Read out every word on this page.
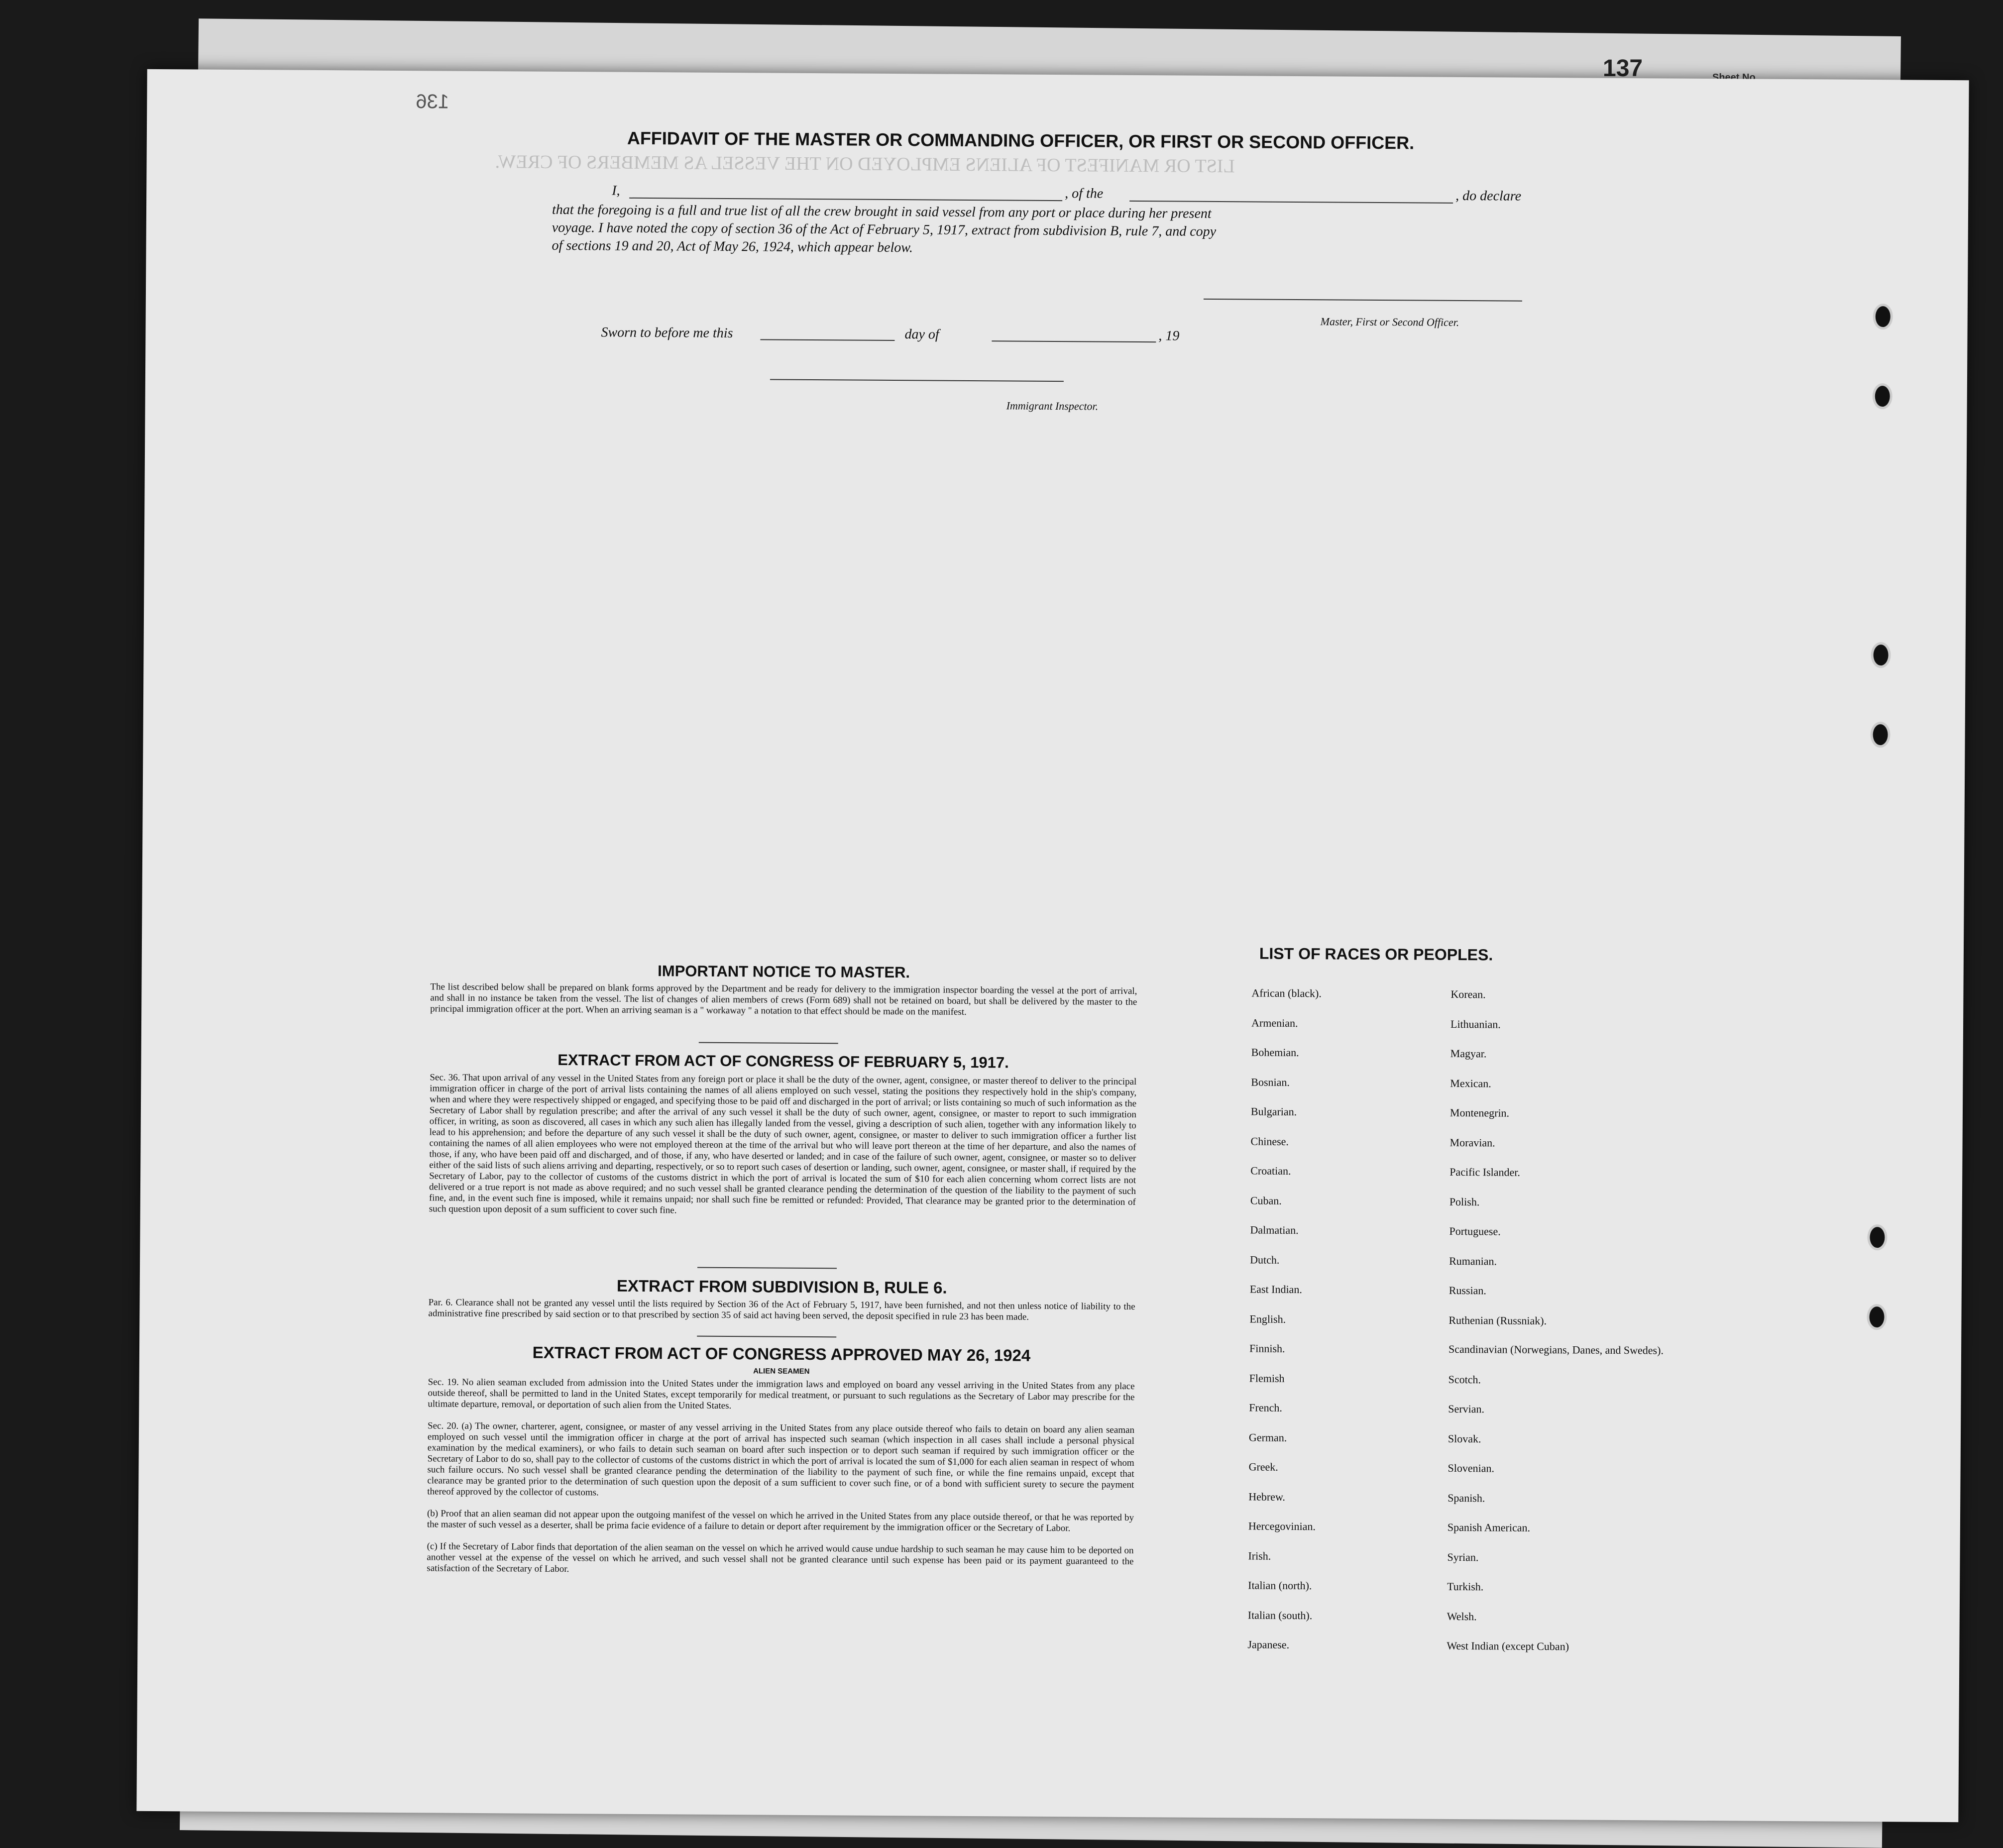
137	Sheet No.
LIST OR MANIFEST OF ALIENS EMPLOYED ON THE VESSEL AS MEMBERS OF CREW.
136
AFFIDAVIT OF THE MASTER OR COMMANDING OFFICER, OR FIRST OR SECOND OFFICER.
I,	, of the	, do declare
that the foregoing is a full and true list of all the crew brought in said vessel from any port or place during her present
voyage. I have noted the copy of section 36 of the Act of February 5, 1917, extract from subdivision B, rule 7, and copy
of sections 19 and 20, Act of May 26, 1924, which appear below.
Master, First or Second Officer.
Sworn to before me this	day of	, 19
Immigrant Inspector.
IMPORTANT NOTICE TO MASTER.
The list described below shall be prepared on blank forms approved by the Department and be ready for delivery to the immigration inspector boarding the vessel at the port of arrival, and shall in no instance be taken from the vessel. The list of changes of alien members of crews (Form 689) shall not be retained on board, but shall be delivered by the master to the principal immigration officer at the port. When an arriving seaman is a " workaway " a notation to that effect should be made on the manifest.
EXTRACT FROM ACT OF CONGRESS OF FEBRUARY 5, 1917.
Sec. 36. That upon arrival of any vessel in the United States from any foreign port or place it shall be the duty of the owner, agent, consignee, or master thereof to deliver to the principal immigration officer in charge of the port of arrival lists containing the names of all aliens employed on such vessel, stating the positions they respectively hold in the ship's company, when and where they were respectively shipped or engaged, and specifying those to be paid off and discharged in the port of arrival; or lists containing so much of such information as the Secretary of Labor shall by regulation prescribe; and after the arrival of any such vessel it shall be the duty of such owner, agent, consignee, or master to report to such immigration officer, in writing, as soon as discovered, all cases in which any such alien has illegally landed from the vessel, giving a description of such alien, together with any information likely to lead to his apprehension; and before the departure of any such vessel it shall be the duty of such owner, agent, consignee, or master to deliver to such immigration officer a further list containing the names of all alien employees who were not employed thereon at the time of the arrival but who will leave port thereon at the time of her departure, and also the names of those, if any, who have been paid off and discharged, and of those, if any, who have deserted or landed; and in case of the failure of such owner, agent, consignee, or master so to deliver either of the said lists of such aliens arriving and departing, respectively, or so to report such cases of desertion or landing, such owner, agent, consignee, or master shall, if required by the Secretary of Labor, pay to the collector of customs of the customs district in which the port of arrival is located the sum of $10 for each alien concerning whom correct lists are not delivered or a true report is not made as above required; and no such vessel shall be granted clearance pending the determination of the question of the liability to the payment of such fine, and, in the event such fine is imposed, while it remains unpaid; nor shall such fine be remitted or refunded: Provided, That clearance may be granted prior to the determination of such question upon deposit of a sum sufficient to cover such fine.
EXTRACT FROM SUBDIVISION B, RULE 6.
Par. 6. Clearance shall not be granted any vessel until the lists required by Section 36 of the Act of February 5, 1917, have been furnished, and not then unless notice of liability to the administrative fine prescribed by said section or to that prescribed by section 35 of said act having been served, the deposit specified in rule 23 has been made.
EXTRACT FROM ACT OF CONGRESS APPROVED MAY 26, 1924
ALIEN SEAMEN
Sec. 19. No alien seaman excluded from admission into the United States under the immigration laws and employed on board any vessel arriving in the United States from any place outside thereof, shall be permitted to land in the United States, except temporarily for medical treatment, or pursuant to such regulations as the Secretary of Labor may prescribe for the ultimate departure, removal, or deportation of such alien from the United States.
Sec. 20. (a) The owner, charterer, agent, consignee, or master of any vessel arriving in the United States from any place outside thereof who fails to detain on board any alien seaman employed on such vessel until the immigration officer in charge at the port of arrival has inspected such seaman (which inspection in all cases shall include a personal physical examination by the medical examiners), or who fails to detain such seaman on board after such inspection or to deport such seaman if required by such immigration officer or the Secretary of Labor to do so, shall pay to the collector of customs of the customs district in which the port of arrival is located the sum of $1,000 for each alien seaman in respect of whom such failure occurs. No such vessel shall be granted clearance pending the determination of the liability to the payment of such fine, or while the fine remains unpaid, except that clearance may be granted prior to the determination of such question upon the deposit of a sum sufficient to cover such fine, or of a bond with sufficient surety to secure the payment thereof approved by the collector of customs.
(b) Proof that an alien seaman did not appear upon the outgoing manifest of the vessel on which he arrived in the United States from any place outside thereof, or that he was reported by the master of such vessel as a deserter, shall be prima facie evidence of a failure to detain or deport after requirement by the immigration officer or the Secretary of Labor.
(c) If the Secretary of Labor finds that deportation of the alien seaman on the vessel on which he arrived would cause undue hardship to such seaman he may cause him to be deported on another vessel at the expense of the vessel on which he arrived, and such vessel shall not be granted clearance until such expense has been paid or its payment guaranteed to the satisfaction of the Secretary of Labor.
LIST OF RACES OR PEOPLES.
African (black).
Armenian.
Bohemian.
Bosnian.
Bulgarian.
Chinese.
Croatian.
Cuban.
Dalmatian.
Dutch.
East Indian.
English.
Finnish.
Flemish
French.
German.
Greek.
Hebrew.
Hercegovinian.
Irish.
Italian (north).
Italian (south).
Japanese.
Korean.
Lithuanian.
Magyar.
Mexican.
Montenegrin.
Moravian.
Pacific Islander.
Polish.
Portuguese.
Rumanian.
Russian.
Ruthenian (Russniak).
Scandinavian (Norwegians, Danes, and Swedes).
Scotch.
Servian.
Slovak.
Slovenian.
Spanish.
Spanish American.
Syrian.
Turkish.
Welsh.
West Indian (except Cuban)
